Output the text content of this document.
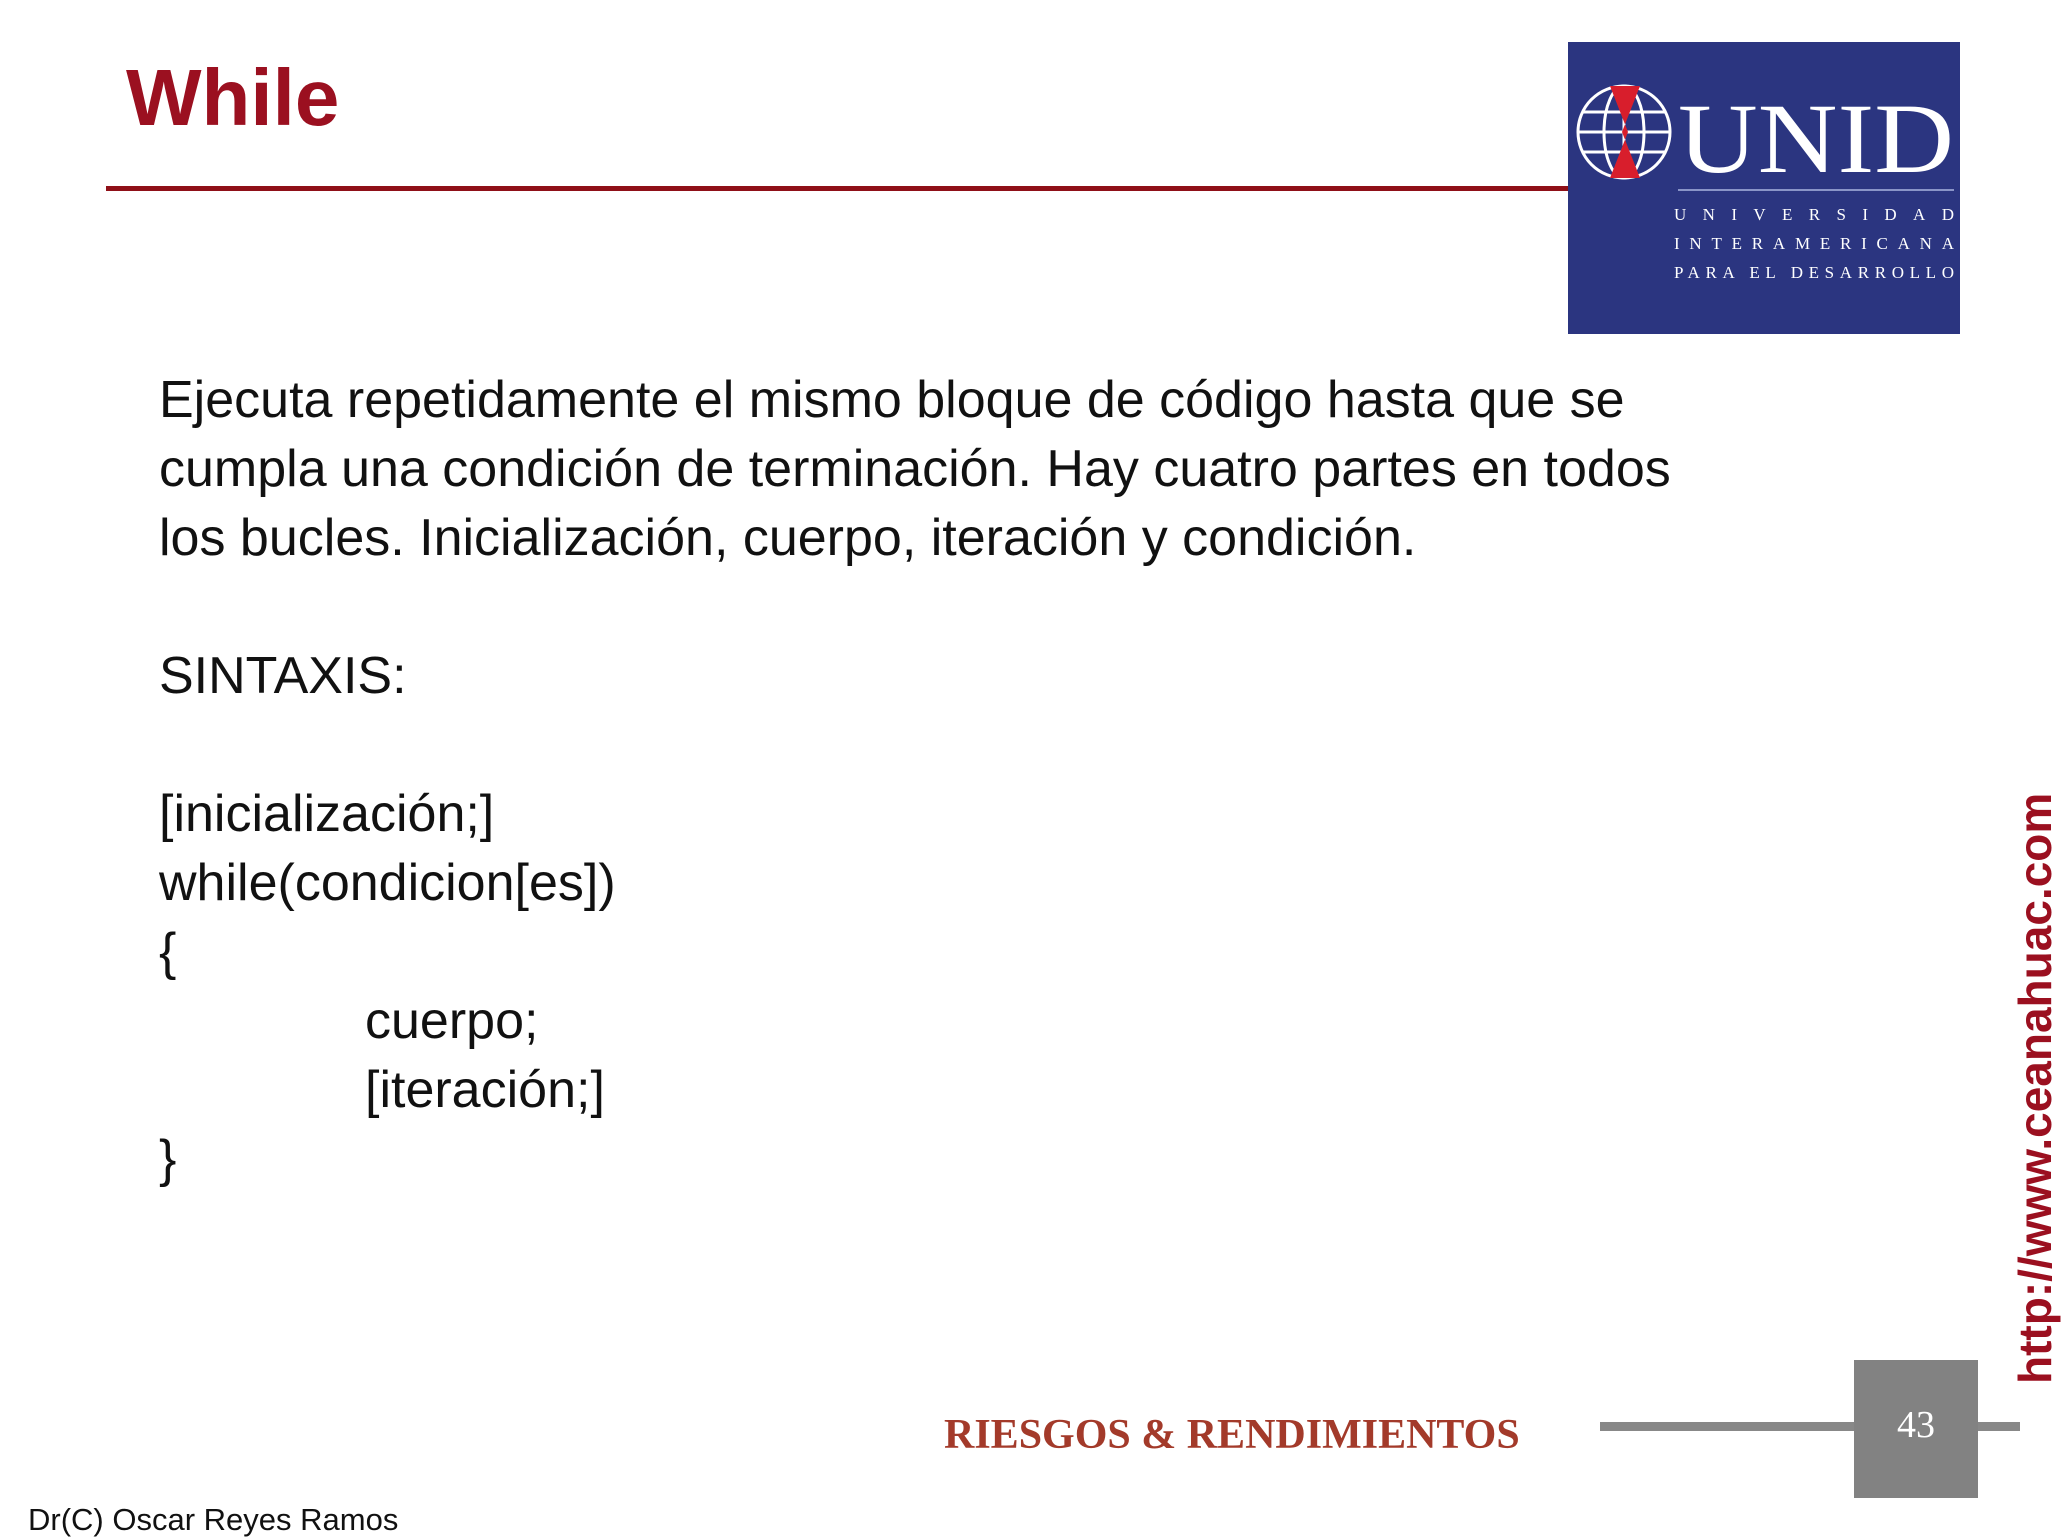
While	UNID
UNIVERSIDAD
INTERAMERICANA
PARA EL DESARROLLO
Ejecuta repetidamente el mismo bloque de código hasta que se
cumpla una condición de terminación. Hay cuatro partes en todos
los bucles. Inicialización, cuerpo, iteración y condición.
SINTAXIS:
[inicialización;]
while(condicion[es])
{
cuerpo;
[iteración;]
}	http://www.ceanahuac.com
RIESGOS & RENDIMIENTOS	43
Dr(C) Oscar Reyes Ramos
